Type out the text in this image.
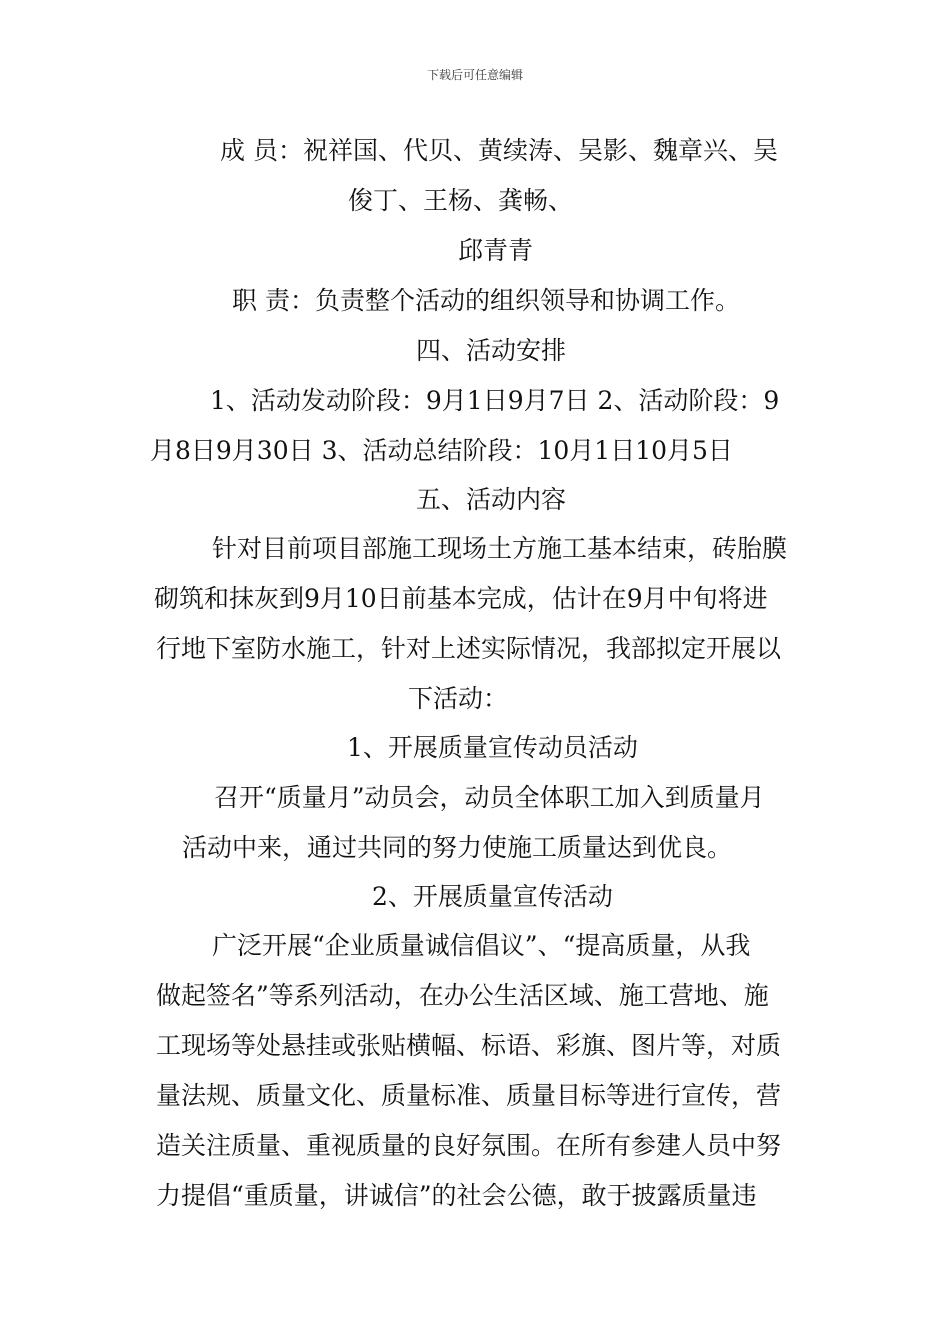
下载后可任意编辑
成 员：祝祥国、代贝、黄续涛、吴影、魏章兴、吴
俊丁、王杨、龚畅、
邱青青
职 责：负责整个活动的组织领导和协调工作。
四、活动安排
1、活动发动阶段：9月1日9月7日 2、活动阶段：9
月8日9月30日 3、活动总结阶段：10月1日10月5日
五、活动内容
针对目前项目部施工现场土方施工基本结束，砖胎膜
砌筑和抹灰到9月10日前基本完成，估计在9月中旬将进
行地下室防水施工，针对上述实际情况，我部拟定开展以
下活动：
1、开展质量宣传动员活动
召开“质量月”动员会，动员全体职工加入到质量月
活动中来，通过共同的努力使施工质量达到优良。
2、开展质量宣传活动
广泛开展“企业质量诚信倡议”、“提高质量，从我
做起签名”等系列活动，在办公生活区域、施工营地、施
工现场等处悬挂或张贴横幅、标语、彩旗、图片等，对质
量法规、质量文化、质量标准、质量目标等进行宣传，营
造关注质量、重视质量的良好氛围。在所有参建人员中努
力提倡“重质量，讲诚信”的社会公德，敢于披露质量违
